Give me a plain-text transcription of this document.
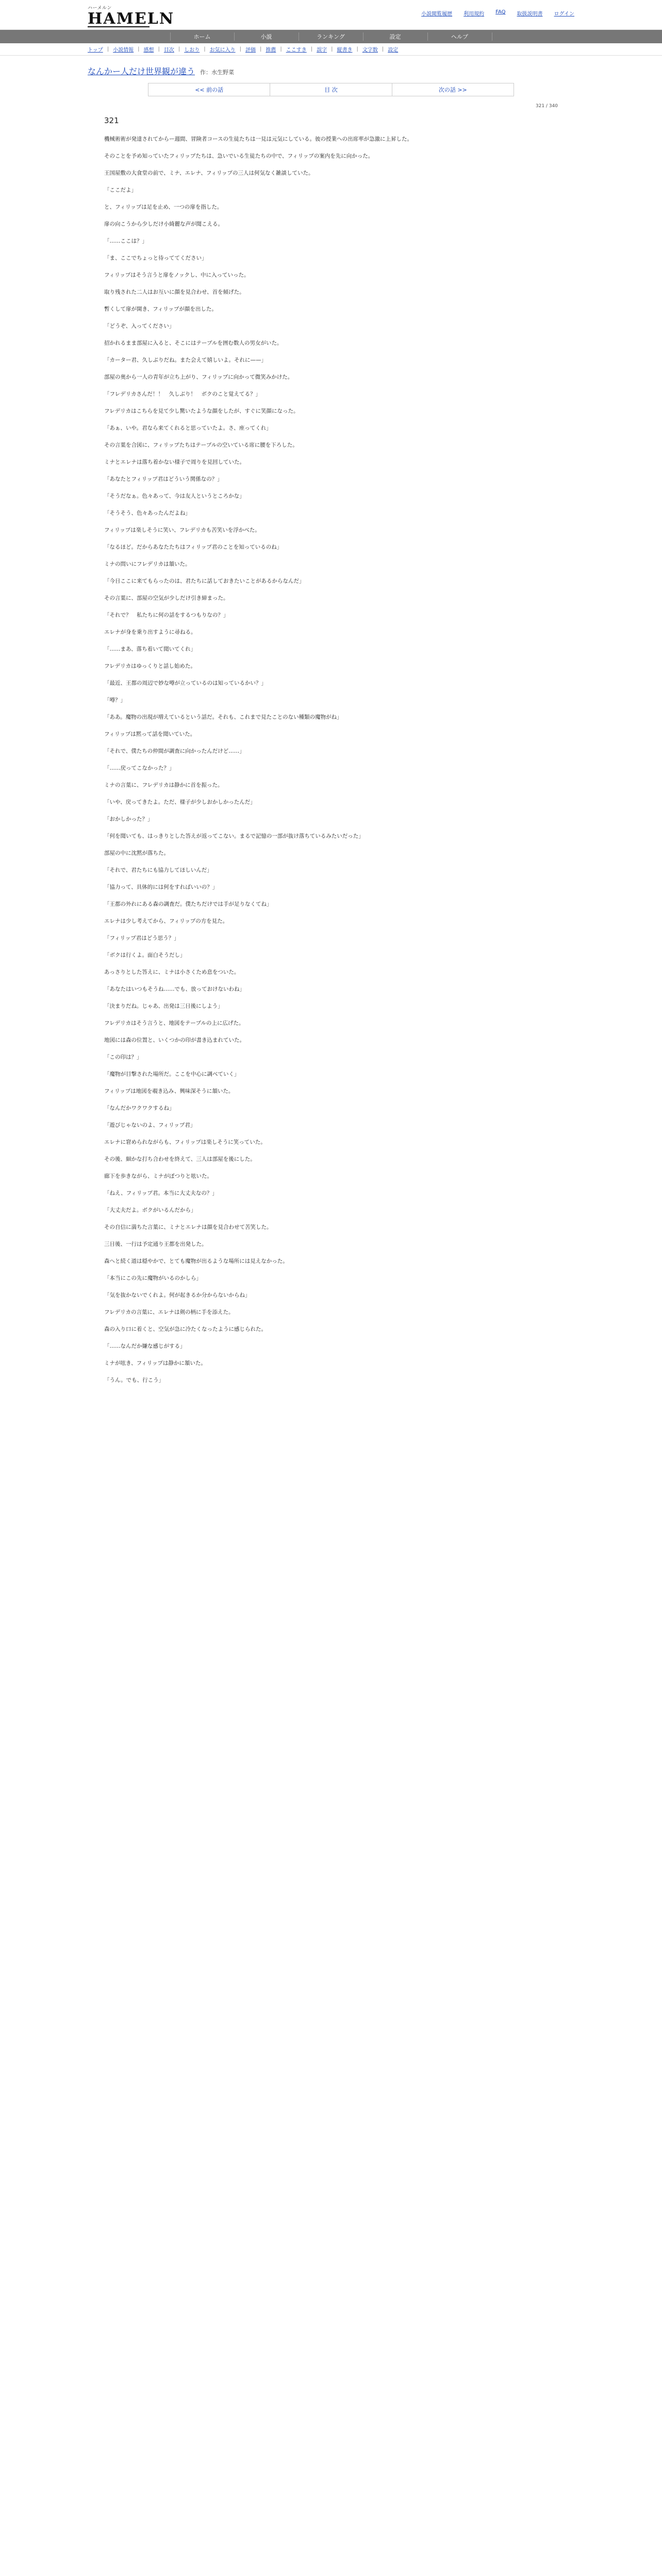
ハーメルン
HAMELN	小説閲覧履歴 利用規約 FAQ 取扱説明書 ログイン
ホーム	小説	ランキング	設定	ヘルプ
トップ | 小説情報 | 感想 | 目次 | しおり | お気に入り | 評価 | 推薦 | ここすき | 誤字 | 縦書き | 文字数 | 設定
なんかー人だけ世界観が違う 作：水生野菜
<< 前の話	目 次	次の話 >>
321 / 340
321

機械術術が発達されてからー週間、冒険者コースの生徒たちは一見は元気にしている。彼の授業への出席率が急激に上昇した。

そのことを予め知っていたフィリップたちは、急いでいる生徒たちの中で、フィリップの案内を先に向かった。

王国屋敷の大食堂の前で、ミナ、エレナ、フィリップの三人は何気なく雑談していた。

「ここだよ」

と、フィリップは足を止め、一つの扉を指した。

扉の向こうから少しだけ小綺麗な声が聞こえる。

「……ここは？」

「ま、ここでちょっと待っててください」

フィリップはそう言うと扉をノックし、中に入っていった。

取り残された二人はお互いに顔を見合わせ、首を傾げた。

暫くして扉が開き、フィリップが顔を出した。

「どうぞ、入ってください」

招かれるまま部屋に入ると、そこにはテーブルを囲む数人の男女がいた。

「カーター君、久しぶりだね。また会えて嬉しいよ。それに——」

部屋の奥から一人の青年が立ち上がり、フィリップに向かって微笑みかけた。

「フレデリカさんだ！！　久しぶり！　ボクのこと覚えてる？」

フレデリカはこちらを見て少し驚いたような顔をしたが、すぐに笑顔になった。

「あぁ、いや。君なら来てくれると思っていたよ。さ、座ってくれ」

その言葉を合図に、フィリップたちはテーブルの空いている席に腰を下ろした。

ミナとエレナは落ち着かない様子で周りを見回していた。

「あなたとフィリップ君はどういう関係なの？」

「そうだなぁ。色々あって、今は友人というところかな」

「そうそう、色々あったんだよね」

フィリップは楽しそうに笑い、フレデリカも苦笑いを浮かべた。

「なるほど。だからあなたたちはフィリップ君のことを知っているのね」

ミナの問いにフレデリカは頷いた。

「今日ここに来てもらったのは、君たちに話しておきたいことがあるからなんだ」

その言葉に、部屋の空気が少しだけ引き締まった。

「それで？　私たちに何の話をするつもりなの？」

エレナが身を乗り出すように尋ねる。

「……まあ、落ち着いて聞いてくれ」

フレデリカはゆっくりと話し始めた。

「最近、王都の周辺で妙な噂が立っているのは知っているかい？」

「噂？」

「ああ。魔物の出現が増えているという話だ。それも、これまで見たことのない種類の魔物がね」

フィリップは黙って話を聞いていた。

「それで、僕たちの仲間が調査に向かったんだけど……」

「……戻ってこなかった？」

ミナの言葉に、フレデリカは静かに首を振った。

「いや、戻ってきたよ。ただ、様子が少しおかしかったんだ」

「おかしかった？」

「何を聞いても、はっきりとした答えが返ってこない。まるで記憶の一部が抜け落ちているみたいだった」

部屋の中に沈黙が落ちた。

「それで、君たちにも協力してほしいんだ」

「協力って、具体的には何をすればいいの？」

「王都の外れにある森の調査だ。僕たちだけでは手が足りなくてね」

エレナは少し考えてから、フィリップの方を見た。

「フィリップ君はどう思う？」

「ボクは行くよ。面白そうだし」

あっさりとした答えに、ミナは小さくため息をついた。

「あなたはいつもそうね……でも、放っておけないわね」

「決まりだね。じゃあ、出発は三日後にしよう」

フレデリカはそう言うと、地図をテーブルの上に広げた。

地図には森の位置と、いくつかの印が書き込まれていた。

「この印は？」

「魔物が目撃された場所だ。ここを中心に調べていく」

フィリップは地図を覗き込み、興味深そうに頷いた。

「なんだかワクワクするね」

「遊びじゃないのよ、フィリップ君」

エレナに窘められながらも、フィリップは楽しそうに笑っていた。

その後、細かな打ち合わせを終えて、三人は部屋を後にした。

廊下を歩きながら、ミナがぽつりと呟いた。

「ねえ、フィリップ君。本当に大丈夫なの？」

「大丈夫だよ。ボクがいるんだから」

その自信に満ちた言葉に、ミナとエレナは顔を見合わせて苦笑した。

三日後、一行は予定通り王都を出発した。

森へと続く道は穏やかで、とても魔物が出るような場所には見えなかった。

「本当にこの先に魔物がいるのかしら」

「気を抜かないでくれよ。何が起きるか分からないからね」

フレデリカの言葉に、エレナは剣の柄に手を添えた。

森の入り口に着くと、空気が急に冷たくなったように感じられた。

「……なんだか嫌な感じがする」

ミナが呟き、フィリップは静かに頷いた。

「うん。でも、行こう」
